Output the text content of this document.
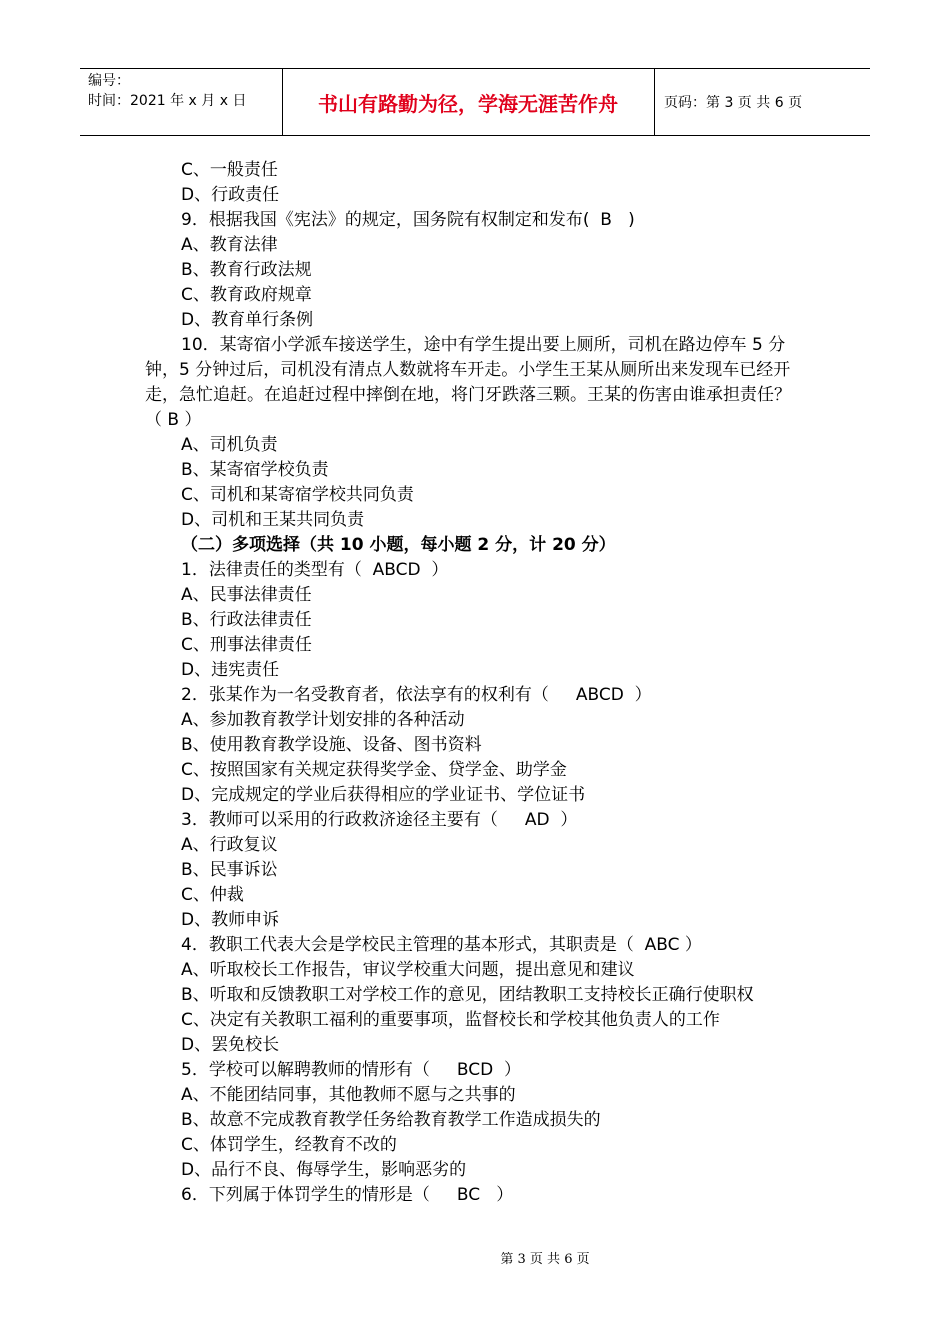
编号：
时间：2021 年 x 月 x 日	书山有路勤为径，学海无涯苦作舟	页码：第 3 页 共 6 页
C、一般责任
D、行政责任
9．根据我国《宪法》的规定，国务院有权制定和发布(  B   )
A、教育法律
B、教育行政法规
C、教育政府规章
D、教育单行条例
10．某寄宿小学派车接送学生，途中有学生提出要上厕所，司机在路边停车 5 分钟，5 分钟过后，司机没有清点人数就将车开走。小学生王某从厕所出来发现车已经开走，急忙追赶。在追赶过程中摔倒在地，将门牙跌落三颗。王某的伤害由谁承担责任？（ B ）
A、司机负责
B、某寄宿学校负责
C、司机和某寄宿学校共同负责
D、司机和王某共同负责
（二）多项选择（共 10 小题，每小题 2 分，计 20 分）
1．法律责任的类型有（  ABCD  ）
A、民事法律责任
B、行政法律责任
C、刑事法律责任
D、违宪责任
2．张某作为一名受教育者，依法享有的权利有（     ABCD  ）
A、参加教育教学计划安排的各种活动
B、使用教育教学设施、设备、图书资料
C、按照国家有关规定获得奖学金、贷学金、助学金
D、完成规定的学业后获得相应的学业证书、学位证书
3．教师可以采用的行政救济途径主要有（     AD  ）
A、行政复议
B、民事诉讼
C、仲裁
D、教师申诉
4．教职工代表大会是学校民主管理的基本形式，其职责是（  ABC ）
A、听取校长工作报告，审议学校重大问题，提出意见和建议
B、听取和反馈教职工对学校工作的意见，团结教职工支持校长正确行使职权
C、决定有关教职工福利的重要事项，监督校长和学校其他负责人的工作
D、罢免校长
5．学校可以解聘教师的情形有（     BCD  ）
A、不能团结同事，其他教师不愿与之共事的
B、故意不完成教育教学任务给教育教学工作造成损失的
C、体罚学生，经教育不改的
D、品行不良、侮辱学生，影响恶劣的
6．下列属于体罚学生的情形是（     BC   ）
第 3 页 共 6 页
